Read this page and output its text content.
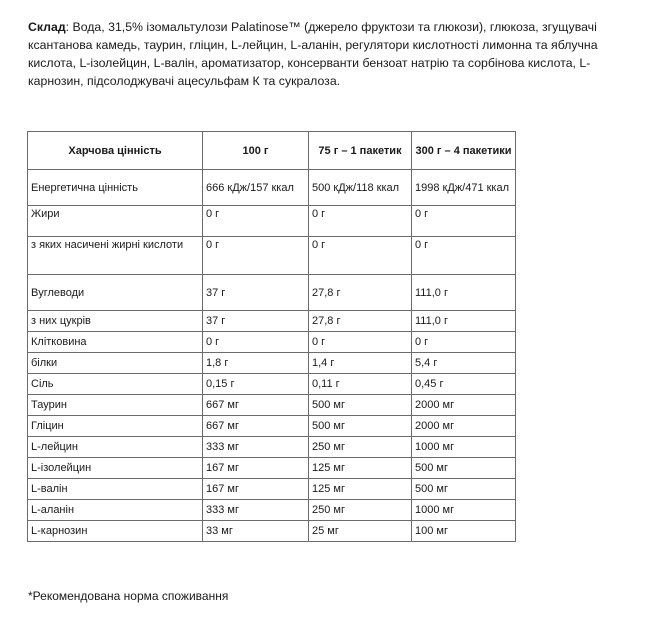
Склад: Вода, 31,5% ізомальтулози Palatinose™ (джерело фруктози та глюкози), глюкоза, згущувачі ксантанова камедь, таурин, гліцин, L-лейцин, L-аланін, регулятори кислотності лимонна та яблучна кислота, L-ізолейцин, L-валін, ароматизатор, консерванти бензоат натрію та сорбінова кислота, L-карнозин, підсолоджувачі ацесульфам К та сукралоза.
Харчова цінність	100 г	75 г – 1 пакетик	300 г – 4 пакетики
Енергетична цінність	666 кДж/157 ккал	500 кДж/118 ккал	1998 кДж/471 ккал
Жири	0 г	0 г	0 г
з яких насичені жирні кислоти	0 г	0 г	0 г
Вуглеводи	37 г	27,8 г	111,0 г
з них цукрів	37 г	27,8 г	111,0 г
Клітковина	0 г	0 г	0 г
білки	1,8 г	1,4 г	5,4 г
Сіль	0,15 г	0,11 г	0,45 г
Таурин	667 мг	500 мг	2000 мг
Гліцин	667 мг	500 мг	2000 мг
L-лейцин	333 мг	250 мг	1000 мг
L-ізолейцин	167 мг	125 мг	500 мг
L-валін	167 мг	125 мг	500 мг
L-аланін	333 мг	250 мг	1000 мг
L-карнозин	33 мг	25 мг	100 мг
*Рекомендована норма споживання
